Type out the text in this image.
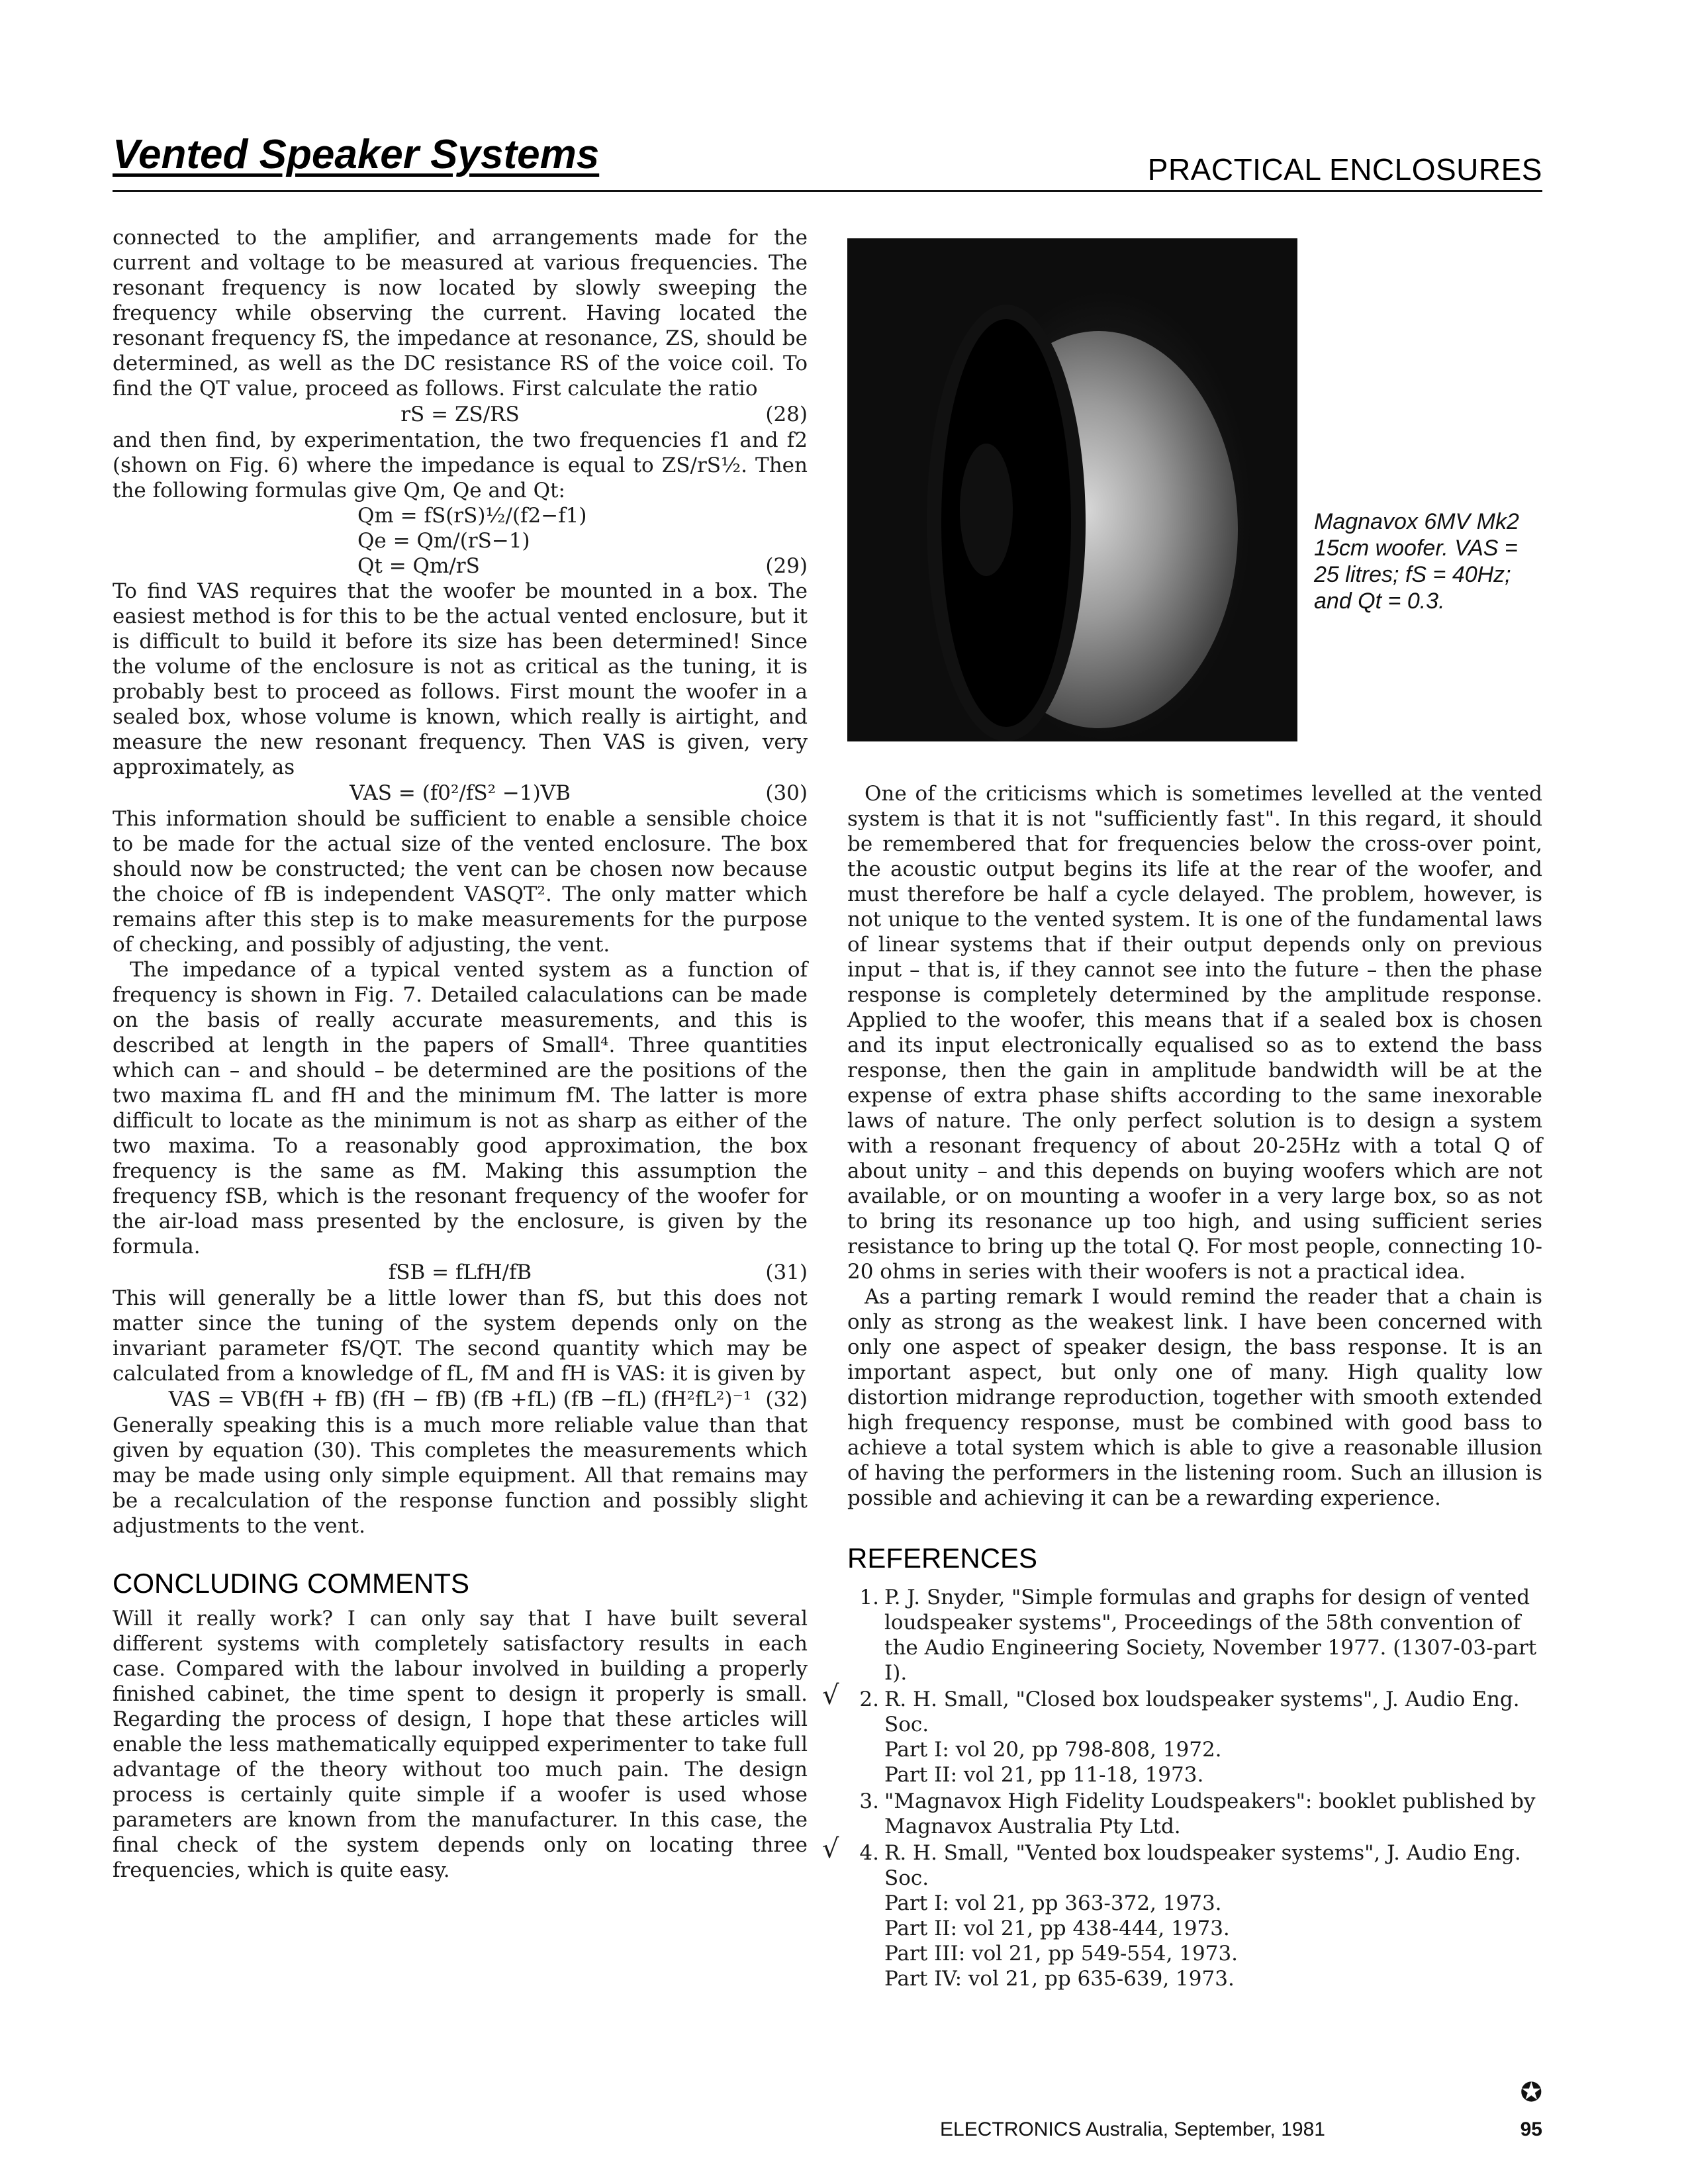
Vented Speaker Systems	PRACTICAL ENCLOSURES

connected to the amplifier, and arrangements made for the current and voltage to be measured at various frequencies. The resonant frequency is now located by slowly sweeping the frequency while observing the current. Having located the resonant frequency fS, the impedance at resonance, ZS, should be determined, as well as the DC resistance RS of the voice coil. To find the QT value, proceed as follows. First calculate the ratio

rS = ZS/RS	(28)

and then find, by experimentation, the two frequencies f1 and f2 (shown on Fig. 6) where the impedance is equal to ZS/rS½. Then the following formulas give Qm, Qe and Qt:

Qm = fS(rS)½/(f2−f1)
Qe = Qm/(rS−1)
Qt = Qm/rS	(29)

To find VAS requires that the woofer be mounted in a box. The easiest method is for this to be the actual vented enclosure, but it is difficult to build it before its size has been determined! Since the volume of the enclosure is not as critical as the tuning, it is probably best to proceed as follows. First mount the woofer in a sealed box, whose volume is known, which really is airtight, and measure the new resonant frequency. Then VAS is given, very approximately, as

VAS = (f0²/fS² −1)VB	(30)

This information should be sufficient to enable a sensible choice to be made for the actual size of the vented enclosure. The box should now be constructed; the vent can be chosen now because the choice of fB is independent VASQT². The only matter which remains after this step is to make measurements for the purpose of checking, and possibly of adjusting, the vent.

The impedance of a typical vented system as a function of frequency is shown in Fig. 7. Detailed calaculations can be made on the basis of really accurate measurements, and this is described at length in the papers of Small⁴. Three quantities which can – and should – be determined are the positions of the two maxima fL and fH and the minimum fM. The latter is more difficult to locate as the minimum is not as sharp as either of the two maxima. To a reasonably good approximation, the box frequency is the same as fM. Making this assumption the frequency fSB, which is the resonant frequency of the woofer for the air-load mass presented by the enclosure, is given by the formula.

fSB = fLfH/fB	(31)

This will generally be a little lower than fS, but this does not matter since the tuning of the system depends only on the invariant parameter fS/QT. The second quantity which may be calculated from a knowledge of fL, fM and fH is VAS: it is given by

VAS = VB(fH + fB) (fH − fB) (fB +fL) (fB −fL) (fH²fL²)⁻¹ (32)

Generally speaking this is a much more reliable value than that given by equation (30). This completes the measurements which may be made using only simple equipment. All that remains may be a recalculation of the response function and possibly slight adjustments to the vent.

CONCLUDING COMMENTS

Will it really work? I can only say that I have built several different systems with completely satisfactory results in each case. Compared with the labour involved in building a properly finished cabinet, the time spent to design it properly is small. Regarding the process of design, I hope that these articles will enable the less mathematically equipped experimenter to take full advantage of the theory without too much pain. The design process is certainly quite simple if a woofer is used whose parameters are known from the manufacturer. In this case, the final check of the system depends only on locating three frequencies, which is quite easy.

Magnavox 6MV Mk2 15cm woofer. VAS = 25 litres; fS = 40Hz; and Qt = 0.3.

One of the criticisms which is sometimes levelled at the vented system is that it is not "sufficiently fast". In this regard, it should be remembered that for frequencies below the cross-over point, the acoustic output begins its life at the rear of the woofer, and must therefore be half a cycle delayed. The problem, however, is not unique to the vented system. It is one of the fundamental laws of linear systems that if their output depends only on previous input – that is, if they cannot see into the future – then the phase response is completely determined by the amplitude response. Applied to the woofer, this means that if a sealed box is chosen and its input electronically equalised so as to extend the bass response, then the gain in amplitude bandwidth will be at the expense of extra phase shifts according to the same inexorable laws of nature. The only perfect solution is to design a system with a resonant frequency of about 20-25Hz with a total Q of about unity – and this depends on buying woofers which are not available, or on mounting a woofer in a very large box, so as not to bring its resonance up too high, and using sufficient series resistance to bring up the total Q. For most people, connecting 10-20 ohms in series with their woofers is not a practical idea.

As a parting remark I would remind the reader that a chain is only as strong as the weakest link. I have been concerned with only one aspect of speaker design, the bass response. It is an important aspect, but only one of many. High quality low distortion midrange reproduction, together with smooth extended high frequency response, must be combined with good bass to achieve a total system which is able to give a reasonable illusion of having the performers in the listening room. Such an illusion is possible and achieving it can be a rewarding experience.

REFERENCES
1. P. J. Snyder, "Simple formulas and graphs for design of vented loudspeaker systems", Proceedings of the 58th convention of the Audio Engineering Society, November 1977. (1307-03-part I).
√ 2. R. H. Small, "Closed box loudspeaker systems", J. Audio Eng. Soc.
Part I: vol 20, pp 798-808, 1972.
Part II: vol 21, pp 11-18, 1973.
3. "Magnavox High Fidelity Loudspeakers": booklet published by Magnavox Australia Pty Ltd.
√ 4. R. H. Small, "Vented box loudspeaker systems", J. Audio Eng. Soc.
Part I: vol 21, pp 363-372, 1973.
Part II: vol 21, pp 438-444, 1973.
Part III: vol 21, pp 549-554, 1973.
Part IV: vol 21, pp 635-639, 1973.
✪
ELECTRONICS Australia, September, 1981	95
